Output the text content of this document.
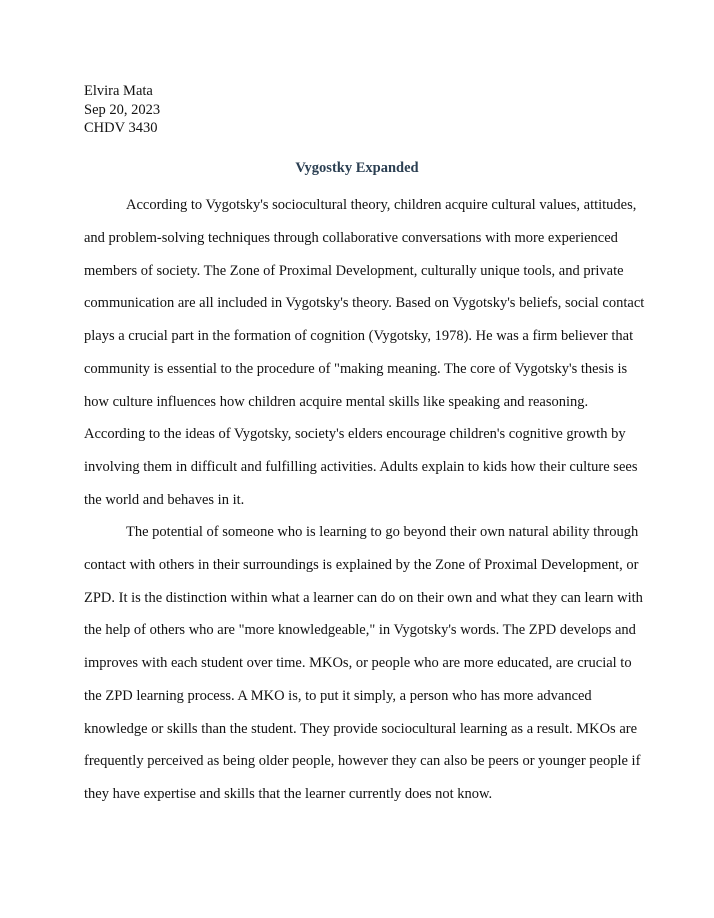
Elvira Mata
Sep 20, 2023
CHDV 3430
Vygostky Expanded
According to Vygotsky's sociocultural theory, children acquire cultural values, attitudes,
and problem-solving techniques through collaborative conversations with more experienced
members of society. The Zone of Proximal Development, culturally unique tools, and private
communication are all included in Vygotsky's theory. Based on Vygotsky's beliefs, social contact
plays a crucial part in the formation of cognition (Vygotsky, 1978). He was a firm believer that
community is essential to the procedure of "making meaning. The core of Vygotsky's thesis is
how culture influences how children acquire mental skills like speaking and reasoning.
According to the ideas of Vygotsky, society's elders encourage children's cognitive growth by
involving them in difficult and fulfilling activities. Adults explain to kids how their culture sees
the world and behaves in it.
The potential of someone who is learning to go beyond their own natural ability through
contact with others in their surroundings is explained by the Zone of Proximal Development, or
ZPD. It is the distinction within what a learner can do on their own and what they can learn with
the help of others who are "more knowledgeable," in Vygotsky's words. The ZPD develops and
improves with each student over time. MKOs, or people who are more educated, are crucial to
the ZPD learning process. A MKO is, to put it simply, a person who has more advanced
knowledge or skills than the student. They provide sociocultural learning as a result. MKOs are
frequently perceived as being older people, however they can also be peers or younger people if
they have expertise and skills that the learner currently does not know.
